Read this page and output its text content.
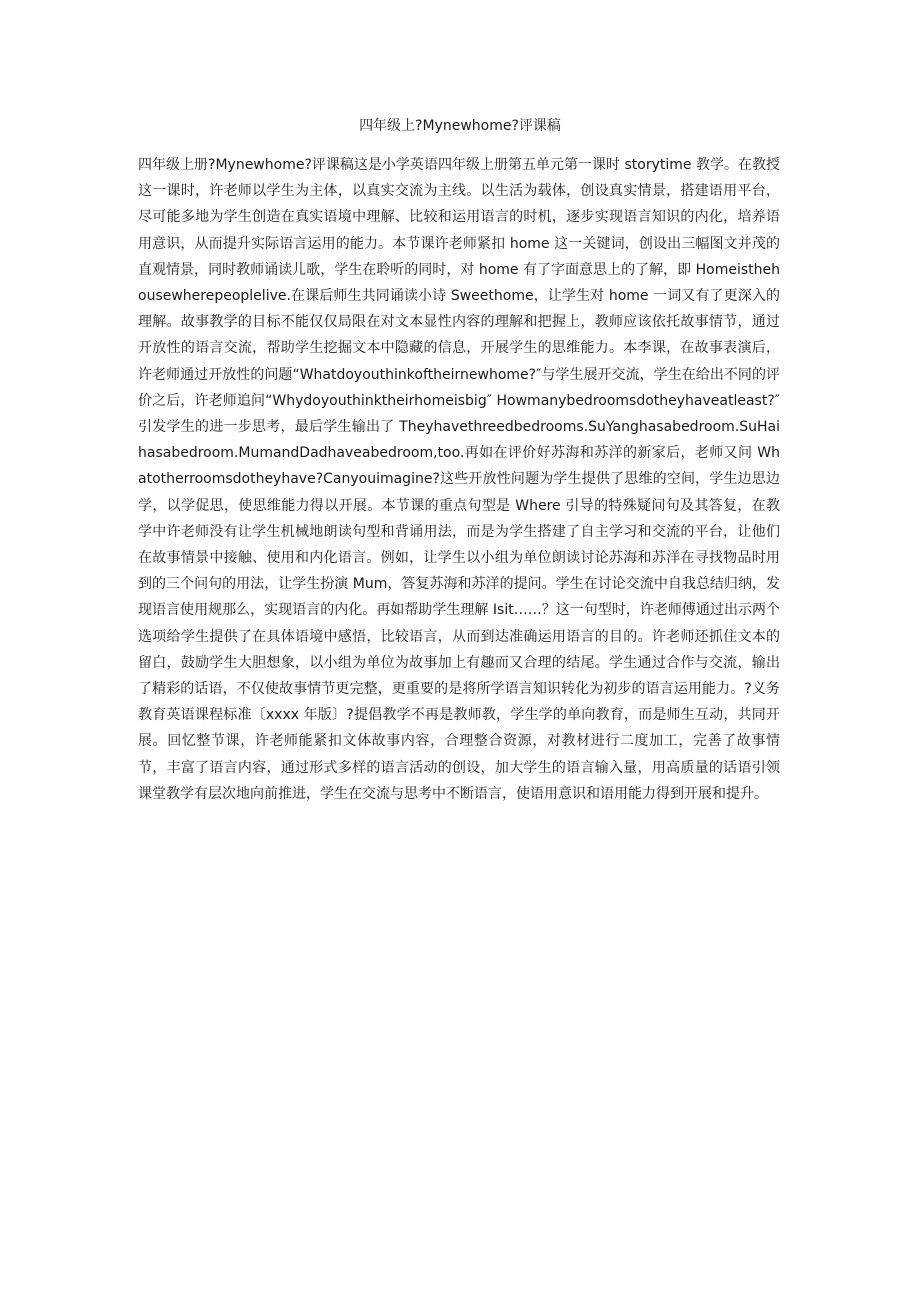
四年级上?Mynewhome?评课稿

四年级上册?Mynewhome?评课稿这是小学英语四年级上册第五单元第一课时 storytime 教学。在教授这一课时，许老师以学生为主体，以真实交流为主线。以生活为载体，创设真实情景，搭建语用平台，尽可能多地为学生创造在真实语境中理解、比较和运用语言的时机，逐步实现语言知识的内化，培养语用意识，从而提升实际语言运用的能力。本节课许老师紧扣 home 这一关键词，创设出三幅图文并茂的直观情景，同时教师诵读儿歌，学生在聆听的同时，对 home 有了字面意思上的了解，即 Homeisthehousewherepeoplelive.在课后师生共同诵读小诗 Sweethome，让学生对 home 一词又有了更深入的理解。故事教学的目标不能仅仅局限在对文本显性内容的理解和把握上，教师应该依托故事情节，通过开放性的语言交流，帮助学生挖掘文本中隐藏的信息，开展学生的思维能力。本李课，在故事表演后，许老师通过开放性的问题“Whatdoyouthinkoftheirnewhome?″与学生展开交流，学生在给出不同的评价之后，许老师追问“Whydoyouthinktheirhomeisbig″ Howmanybedroomsdotheyhaveatleast?″引发学生的进一步思考，最后学生输出了 Theyhavethreedbedrooms.SuYanghasabedroom.SuHaihasabedroom.MumandDadhaveabedroom,too.再如在评价好苏海和苏洋的新家后，老师又问 Whatotherroomsdotheyhave?Canyouimagine?这些开放性问题为学生提供了思维的空间，学生边思边学，以学促思，使思维能力得以开展。本节课的重点句型是 Where 引导的特殊疑问句及其答复，在教学中许老师没有让学生机械地朗读句型和背诵用法，而是为学生搭建了自主学习和交流的平台，让他们在故事情景中接触、使用和内化语言。例如，让学生以小组为单位朗读讨论苏海和苏洋在寻找物品时用到的三个问句的用法，让学生扮演 Mum，答复苏海和苏洋的提问。学生在讨论交流中自我总结归纳，发现语言使用规那么，实现语言的内化。再如帮助学生理解 Isit……？这一句型时，许老师傅通过出示两个选项给学生提供了在具体语境中感悟，比较语言，从而到达准确运用语言的目的。许老师还抓住文本的留白，鼓励学生大胆想象，以小组为单位为故事加上有趣而又合理的结尾。学生通过合作与交流，输出了精彩的话语，不仅使故事情节更完整，更重要的是将所学语言知识转化为初步的语言运用能力。?义务教育英语课程标准〔xxxx 年版〕?提倡教学不再是教师教，学生学的单向教育，而是师生互动，共同开展。回忆整节课，许老师能紧扣文体故事内容，合理整合资源，对教材进行二度加工，完善了故事情节，丰富了语言内容，通过形式多样的语言活动的创设，加大学生的语言输入量，用高质量的话语引领课堂教学有层次地向前推进，学生在交流与思考中不断语言，使语用意识和语用能力得到开展和提升。
